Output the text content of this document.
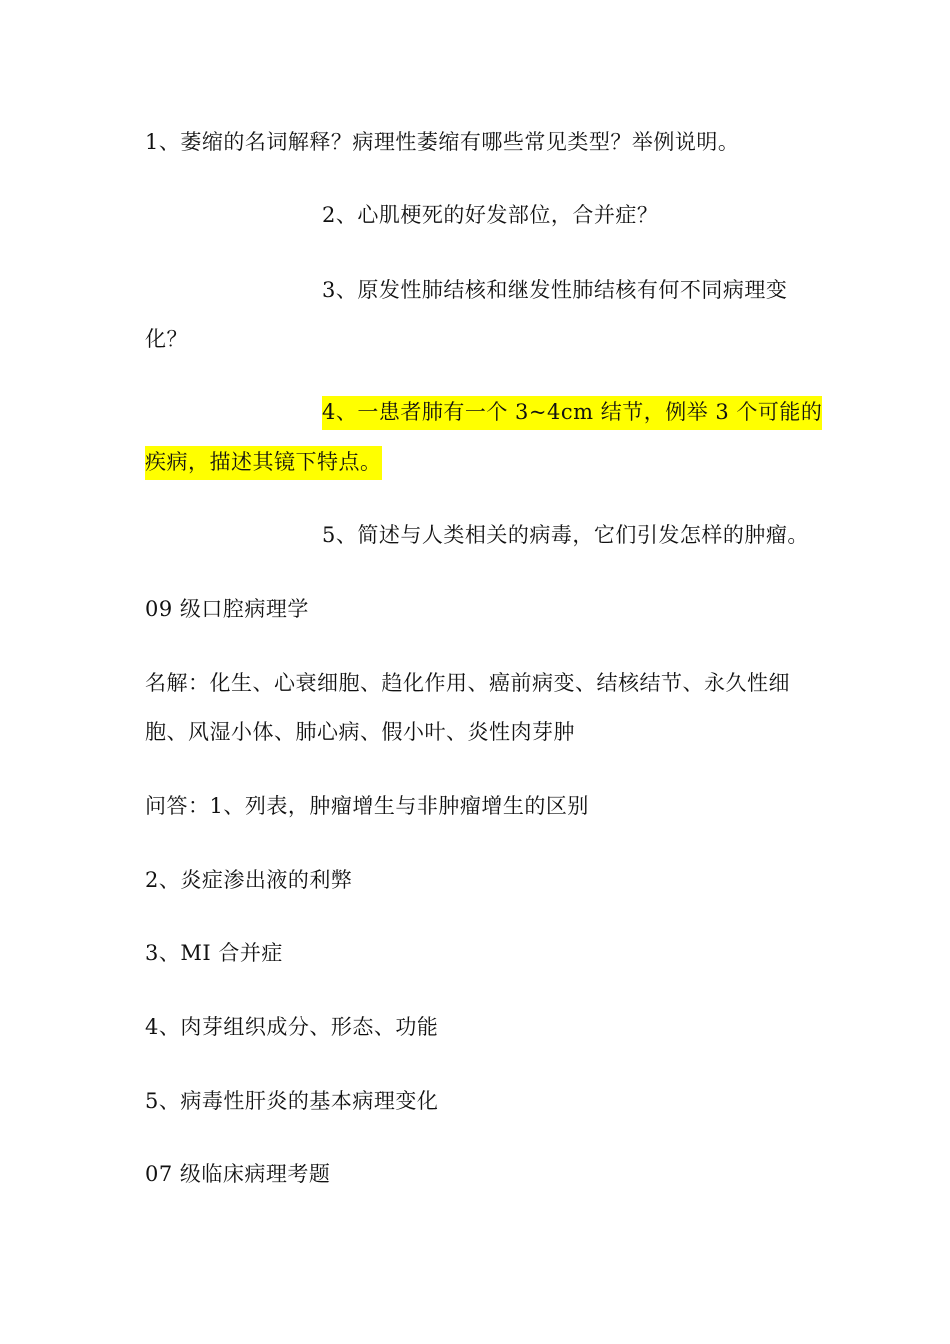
1、萎缩的名词解释？病理性萎缩有哪些常见类型？举例说明。
2、心肌梗死的好发部位，合并症？
3、原发性肺结核和继发性肺结核有何不同病理变
化？
4、一患者肺有一个 3~4cm 结节，例举 3 个可能的
疾病，描述其镜下特点。
5、简述与人类相关的病毒，它们引发怎样的肿瘤。
09 级口腔病理学
名解：化生、心衰细胞、趋化作用、癌前病变、结核结节、永久性细
胞、风湿小体、肺心病、假小叶、炎性肉芽肿
问答：1、列表，肿瘤增生与非肿瘤增生的区别
2、炎症渗出液的利弊
3、MI 合并症
4、肉芽组织成分、形态、功能
5、病毒性肝炎的基本病理变化
07 级临床病理考题
